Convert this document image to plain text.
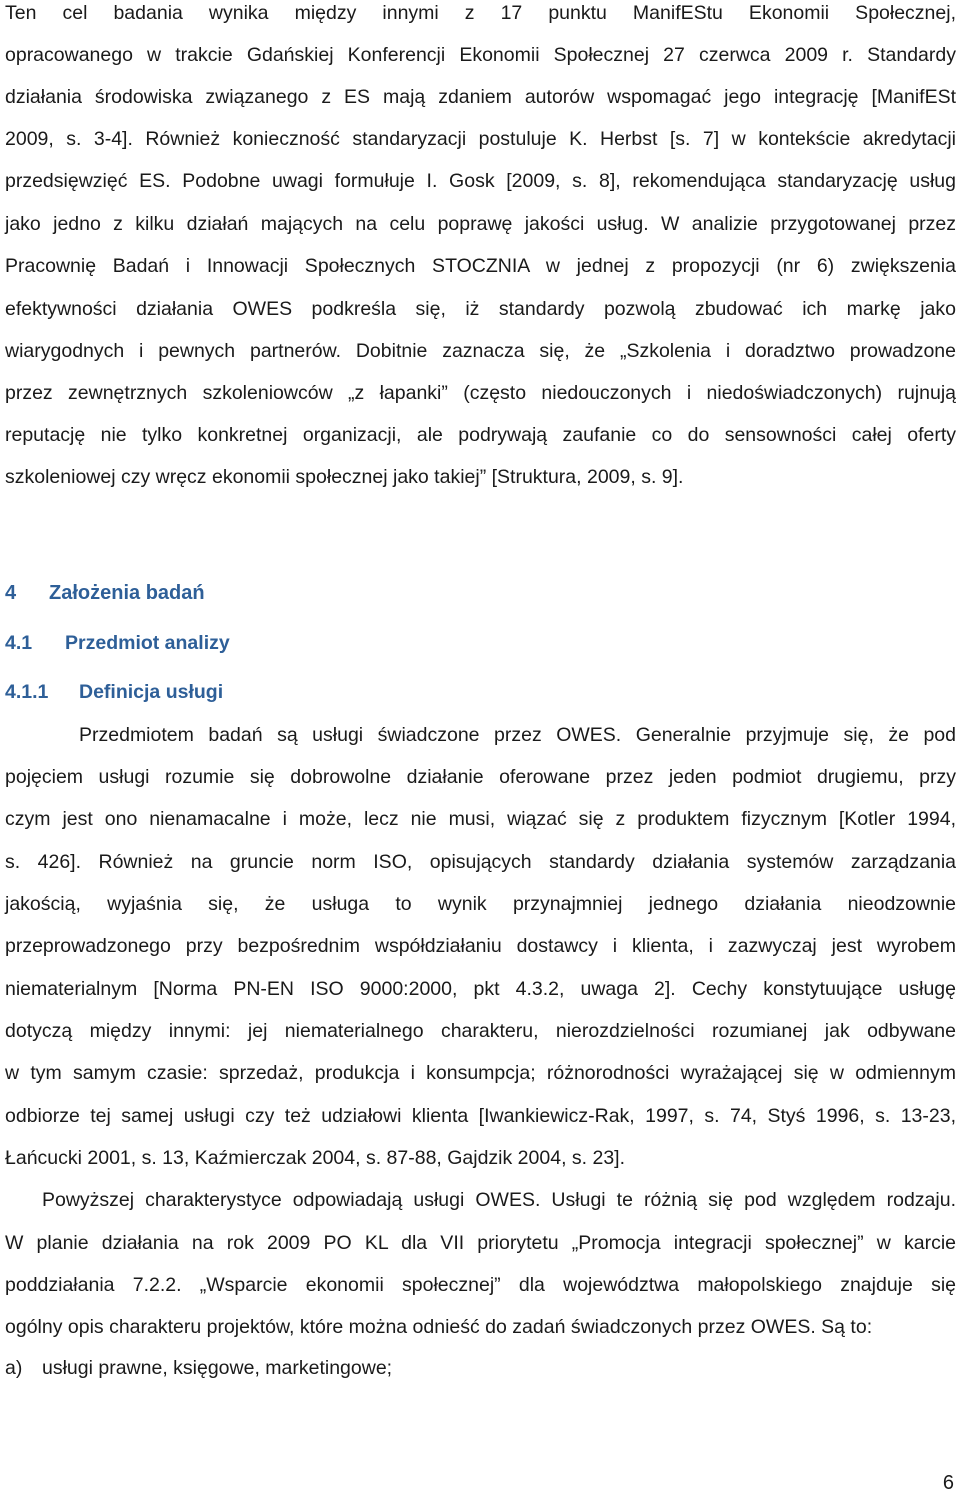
Ten cel badania wynika między innymi z 17 punktu ManifEStu Ekonomii Społecznej,
opracowanego w trakcie Gdańskiej Konferencji Ekonomii Społecznej 27 czerwca 2009 r. Standardy
działania środowiska związanego z ES mają zdaniem autorów wspomagać jego integrację [ManifESt
2009, s. 3-4]. Również konieczność standaryzacji postuluje K. Herbst [s. 7] w kontekście akredytacji
przedsięwzięć ES. Podobne uwagi formułuje I. Gosk [2009, s. 8], rekomendująca standaryzację usług
jako jedno z kilku działań mających na celu poprawę jakości usług. W analizie przygotowanej przez
Pracownię Badań i Innowacji Społecznych STOCZNIA w jednej z propozycji (nr 6) zwiększenia
efektywności działania OWES podkreśla się, iż standardy pozwolą zbudować ich markę jako
wiarygodnych i pewnych partnerów. Dobitnie zaznacza się, że „Szkolenia i doradztwo prowadzone
przez zewnętrznych szkoleniowców „z łapanki” (często niedouczonych i niedoświadczonych) rujnują
reputację nie tylko konkretnej organizacji, ale podrywają zaufanie co do sensowności całej oferty
szkoleniowej czy wręcz ekonomii społecznej jako takiej” [Struktura, 2009, s. 9].
4 Założenia badań
4.1 Przedmiot analizy
4.1.1 Definicja usługi
Przedmiotem badań są usługi świadczone przez OWES. Generalnie przyjmuje się, że pod
pojęciem usługi rozumie się dobrowolne działanie oferowane przez jeden podmiot drugiemu, przy
czym jest ono nienamacalne i może, lecz nie musi, wiązać się z produktem fizycznym [Kotler 1994,
s. 426]. Również na gruncie norm ISO, opisujących standardy działania systemów zarządzania
jakością, wyjaśnia się, że usługa to wynik przynajmniej jednego działania nieodzownie
przeprowadzonego przy bezpośrednim współdziałaniu dostawcy i klienta, i zazwyczaj jest wyrobem
niematerialnym [Norma PN-EN ISO 9000:2000, pkt 4.3.2, uwaga 2]. Cechy konstytuujące usługę
dotyczą między innymi: jej niematerialnego charakteru, nierozdzielności rozumianej jak odbywane
w tym samym czasie: sprzedaż, produkcja i konsumpcja; różnorodności wyrażającej się w odmiennym
odbiorze tej samej usługi czy też udziałowi klienta [Iwankiewicz-Rak, 1997, s. 74, Styś 1996, s. 13-23,
Łańcucki 2001, s. 13, Kaźmierczak 2004, s. 87-88, Gajdzik 2004, s. 23].
Powyższej charakterystyce odpowiadają usługi OWES. Usługi te różnią się pod względem rodzaju.
W planie działania na rok 2009 PO KL dla VII priorytetu „Promocja integracji społecznej” w karcie
poddziałania 7.2.2. „Wsparcie ekonomii społecznej” dla województwa małopolskiego znajduje się
ogólny opis charakteru projektów, które można odnieść do zadań świadczonych przez OWES. Są to:
a) usługi prawne, księgowe, marketingowe;
6
